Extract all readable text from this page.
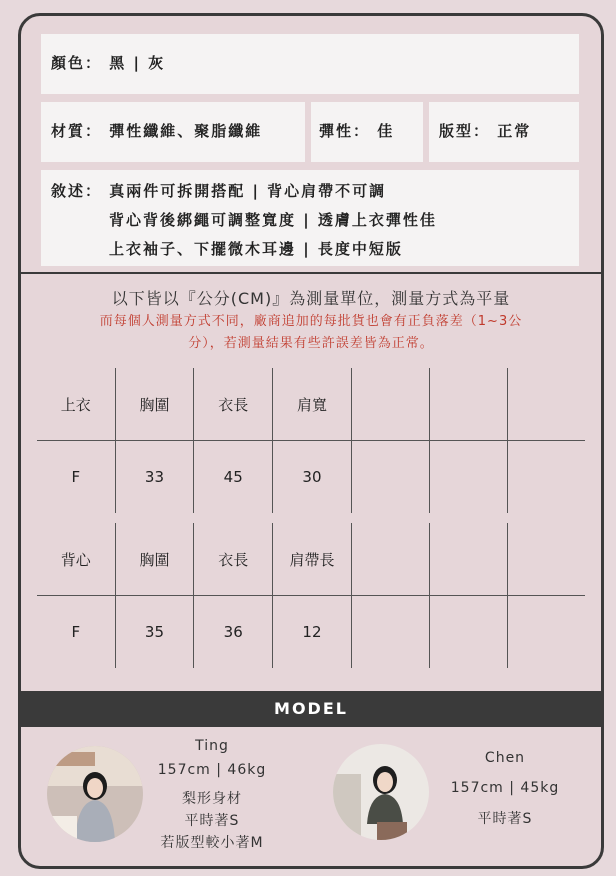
顏色： 黑 | 灰
材質： 彈性纖維、聚脂纖維	彈性： 佳	版型： 正常
敘述： 真兩件可拆開搭配 | 背心肩帶不可調
背心背後綁繩可調整寬度 | 透膚上衣彈性佳
上衣袖子、下擺微木耳邊 | 長度中短版
以下皆以『公分(CM)』為測量單位，測量方式為平量
而每個人測量方式不同，廠商追加的每批貨也會有正負落差（1~3公
分），若測量結果有些許誤差皆為正常。
上衣	胸圍	衣長	肩寬			
F	33	45	30			
背心	胸圍	衣長	肩帶長			
F	35	36	12			
MODEL
Ting
157cm | 46kg
梨形身材
平時著S
若版型較小著M
Chen
157cm | 45kg
平時著S
